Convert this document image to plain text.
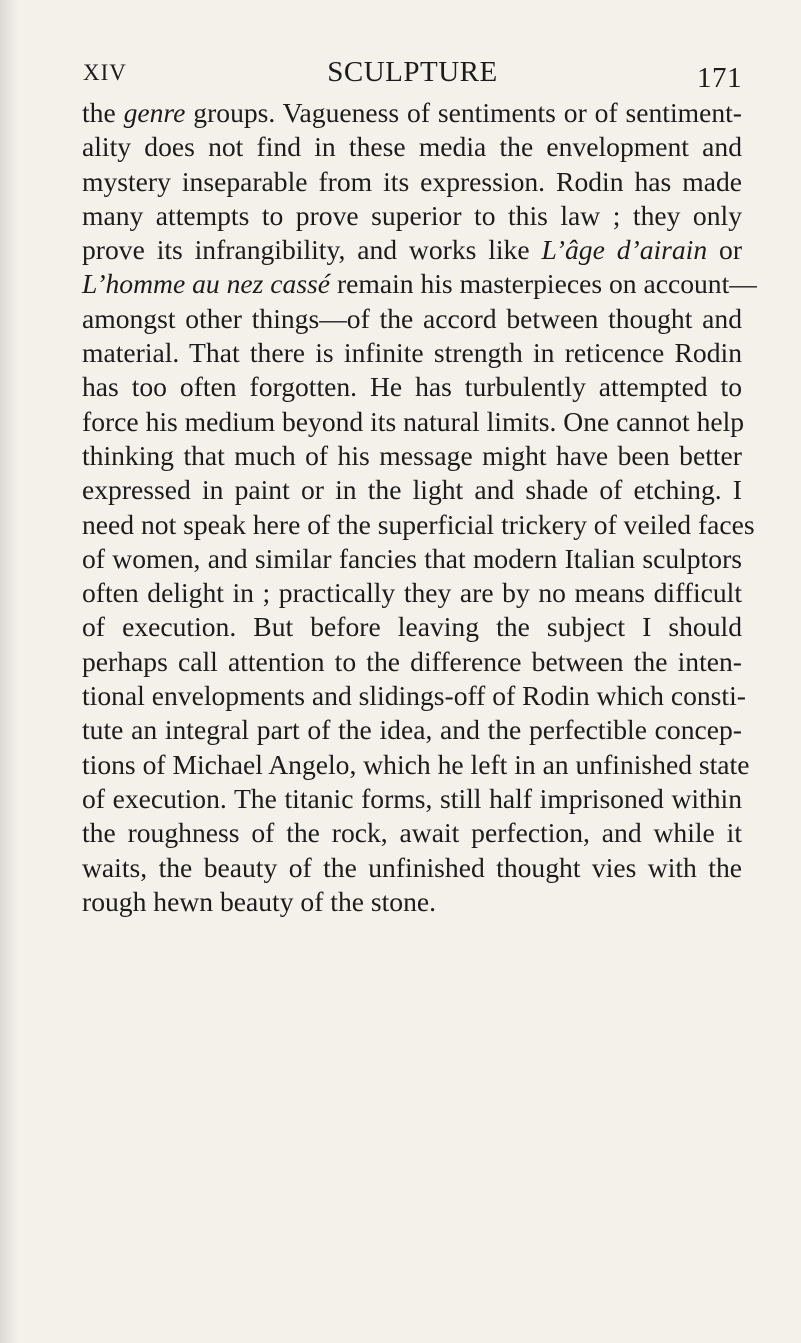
XIV	SCULPTURE	171
the genre groups. Vagueness of sentiments or of sentiment-
ality does not find in these media the envelopment and
mystery inseparable from its expression. Rodin has made
many attempts to prove superior to this law ; they only
prove its infrangibility, and works like L’âge d’airain or
L’homme au nez cassé remain his masterpieces on account—
amongst other things—of the accord between thought and
material. That there is infinite strength in reticence Rodin
has too often forgotten. He has turbulently attempted to
force his medium beyond its natural limits. One cannot help
thinking that much of his message might have been better
expressed in paint or in the light and shade of etching. I
need not speak here of the superficial trickery of veiled faces
of women, and similar fancies that modern Italian sculptors
often delight in ; practically they are by no means difficult
of execution. But before leaving the subject I should
perhaps call attention to the difference between the inten-
tional envelopments and slidings-off of Rodin which consti-
tute an integral part of the idea, and the perfectible concep-
tions of Michael Angelo, which he left in an unfinished state
of execution. The titanic forms, still half imprisoned within
the roughness of the rock, await perfection, and while it
waits, the beauty of the unfinished thought vies with the
rough hewn beauty of the stone.
